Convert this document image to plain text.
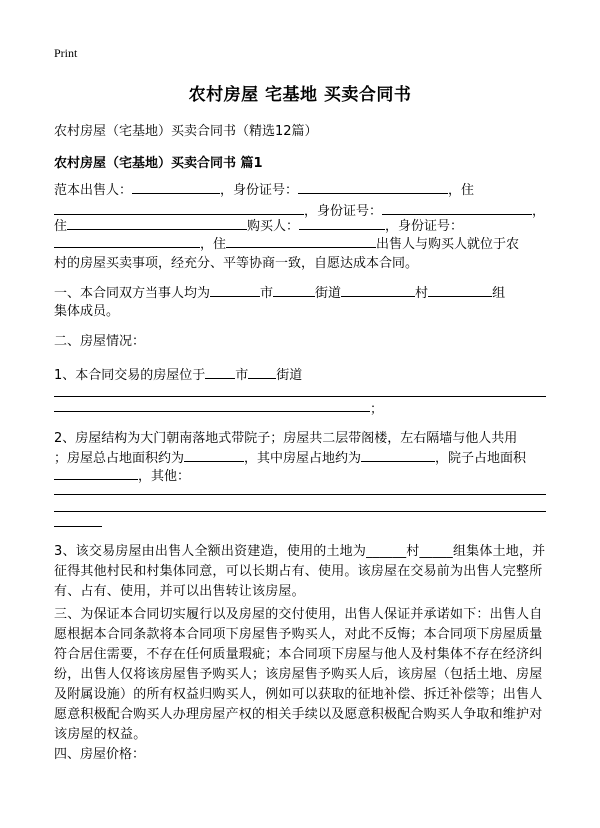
Print
农村房屋 宅基地 买卖合同书
农村房屋（宅基地）买卖合同书（精选12篇）
农村房屋（宅基地）买卖合同书 篇1
范本出售人：	，身份证号：	，住
，身份证号：	，
住	购买人：	，身份证号：
，住	出售人与购买人就位于农
村的房屋买卖事项，经充分、平等协商一致，自愿达成本合同。
一、本合同双方当事人均为	市	街道	村	组
集体成员。
二、房屋情况：
1、本合同交易的房屋位于 市 街道
；
2、房屋结构为大门朝南落地式带院子；房屋共二层带阁楼，左右隔墙与他人共用
；房屋总占地面积约为	，其中房屋占地约为	，院子占地面积
，其他：
3、该交易房屋由出售人全额出资建造，使用的土地为______村_____组集体土地，并征得其他村民和村集体同意，可以长期占有、使用。该房屋在交易前为出售人完整所有、占有、使用，并可以出售转让该房屋。
三、为保证本合同切实履行以及房屋的交付使用，出售人保证并承诺如下：出售人自愿根据本合同条款将本合同项下房屋售予购买人，对此不反悔；本合同项下房屋质量符合居住需要，不存在任何质量瑕疵；本合同项下房屋与他人及村集体不存在经济纠纷，出售人仅将该房屋售予购买人；该房屋售予购买人后，该房屋（包括土地、房屋及附属设施）的所有权益归购买人，例如可以获取的征地补偿、拆迁补偿等；出售人愿意积极配合购买人办理房屋产权的相关手续以及愿意积极配合购买人争取和维护对该房屋的权益。
四、房屋价格：
